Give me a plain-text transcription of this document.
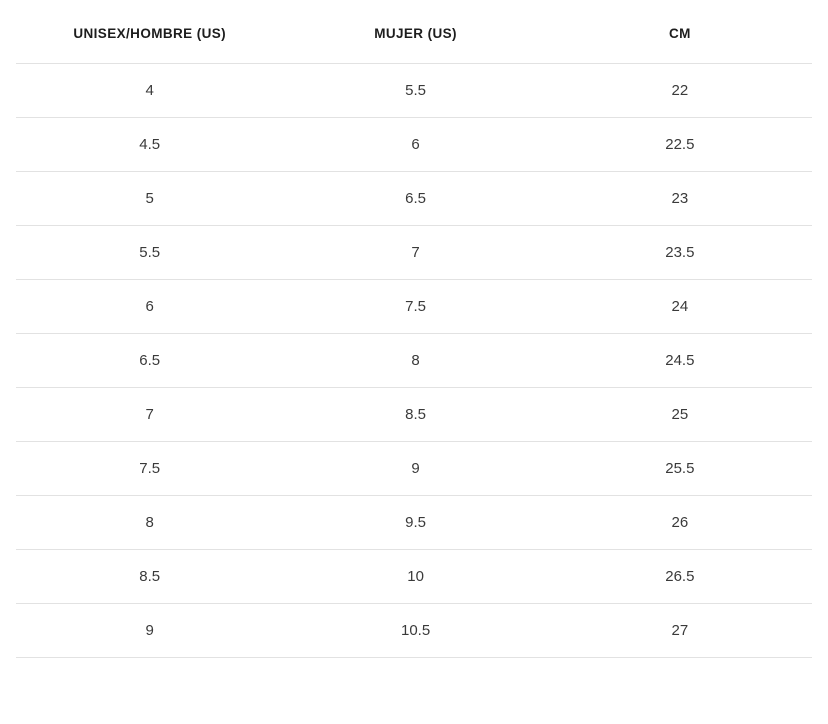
UNISEX/HOMBRE (US)	MUJER (US)	CM
4	5.5	22
4.5	6	22.5
5	6.5	23
5.5	7	23.5
6	7.5	24
6.5	8	24.5
7	8.5	25
7.5	9	25.5
8	9.5	26
8.5	10	26.5
9	10.5	27
